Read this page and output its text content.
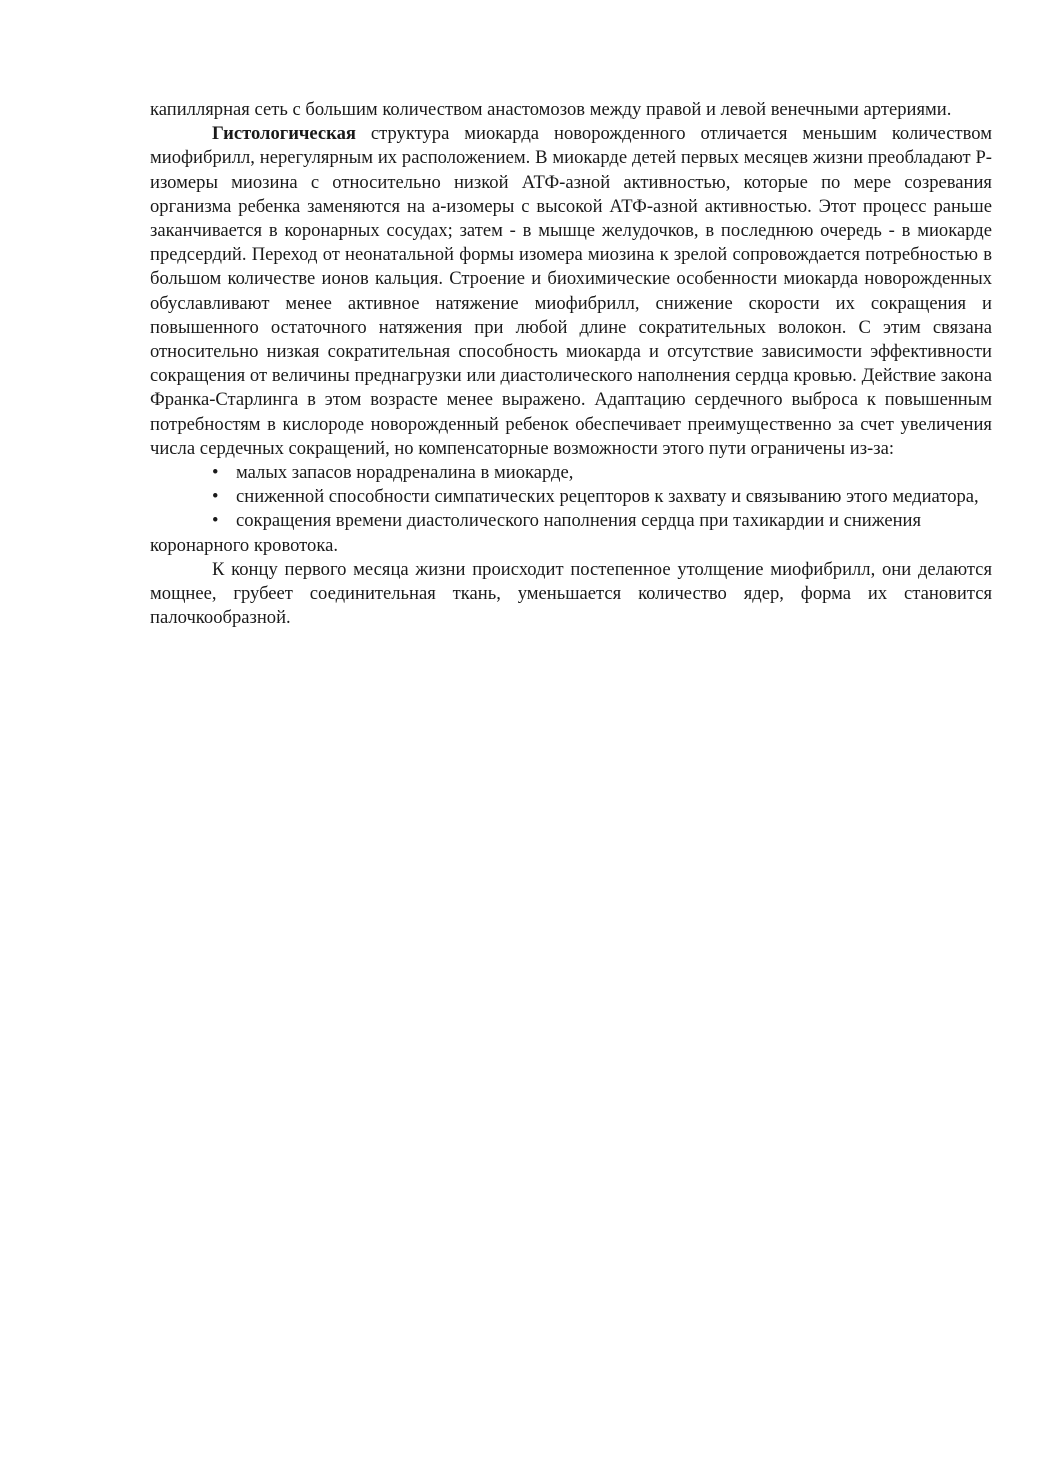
капиллярная сеть с большим количеством анастомозов между правой и левой венечными артериями.

Гистологическая структура миокарда новорожденного отличается меньшим количеством миофибрилл, нерегулярным их расположением. В миокарде детей первых месяцев жизни преобладают Р-изомеры миозина с относительно низкой АТФ-азной активностью, которые по мере созревания организма ребенка заменяются на а-изомеры с высокой АТФ-азной активностью. Этот процесс раньше заканчивается в коронарных сосудах; затем - в мышце желудочков, в последнюю очередь - в миокарде предсердий. Переход от неонатальной формы изомера миозина к зрелой сопровождается потребностью в большом количестве ионов кальция. Строение и биохимические особенности миокарда новорожденных обуславливают менее активное натяжение миофибрилл, снижение скорости их сокращения и повышенного остаточного натяжения при любой длине сократительных волокон. С этим связана относительно низкая сократительная способность миокарда и отсутствие зависимости эффективности сокращения от величины преднагрузки или диастолического наполнения сердца кровью. Действие закона Франка-Старлинга в этом возрасте менее выражено. Адаптацию сердечного выброса к повышенным потребностям в кислороде новорожденный ребенок обеспечивает преимущественно за счет увеличения числа сердечных сокращений, но компенсаторные возможности этого пути ограничены из-за:

• малых запасов норадреналина в миокарде,

• сниженной способности симпатических рецепторов к захвату и связыванию этого медиатора,

• сокращения времени диастолического наполнения сердца при тахикардии и снижения коронарного кровотока.

К концу первого месяца жизни происходит постепенное утолщение миофибрилл, они делаются мощнее, грубеет соединительная ткань, уменьшается количество ядер, форма их становится палочкообразной.
